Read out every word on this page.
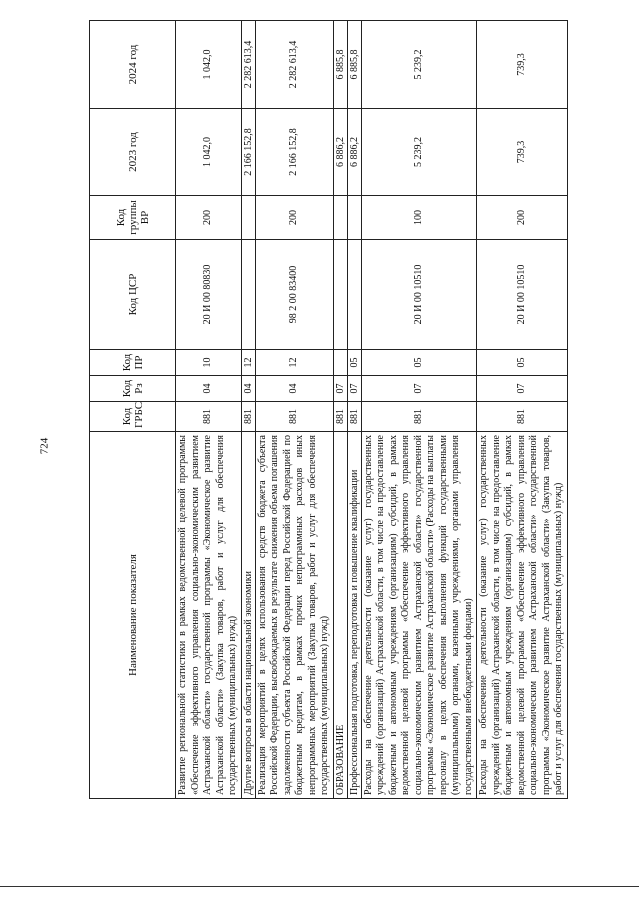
724
Наименование показателя	Код ГРБС	Код Рз	Код ПР	Код ЦСР	Код группы ВР	2023 год	2024 год
Развитие региональной статистики в рамках ведомственной целевой программы «Обеспечение эффективного управления социально-экономическим развитием Астраханской области» государственной программы «Экономическое развитие Астраханской области» (Закупка товаров, работ и услуг для обеспечения государственных (муниципальных) нужд)	881	04	10	20 И 00 80830	200	1 042,0	1 042,0
Другие вопросы в области национальной экономики	881	04	12			2 166 152,8	2 282 613,4
Реализация мероприятий в целях использования средств бюджета субъекта Российской Федерации, высвобождаемых в результате снижения объема погашения задолженности субъекта Российской Федерации перед Российской Федерацией по бюджетным кредитам, в рамках прочих непрограммных расходов иных непрограммных мероприятий (Закупка товаров, работ и услуг для обеспечения государственных (муниципальных) нужд)	881	04	12	98 2 00 83400	200	2 166 152,8	2 282 613,4
ОБРАЗОВАНИЕ	881	07				6 886,2	6 885,8
Профессиональная подготовка, переподготовка и повышение квалификации	881	07	05			6 886,2	6 885,8
Расходы на обеспечение деятельности (оказание услуг) государственных учреждений (организаций) Астраханской области, в том числе на предоставление бюджетным и автономным учреждениям (организациям) субсидий, в рамках ведомственной целевой программы «Обеспечение эффективного управления социально-экономическим развитием Астраханской области» государственной программы «Экономическое развитие Астраханской области» (Расходы на выплаты персоналу в целях обеспечения выполнения функций государственными (муниципальными) органами, казенными учреждениями, органами управления государственными внебюджетными фондами)	881	07	05	20 И 00 10510	100	5 239,2	5 239,2
Расходы на обеспечение деятельности (оказание услуг) государственных учреждений (организаций) Астраханской области, в том числе на предоставление бюджетным и автономным учреждениям (организациям) субсидий, в рамках ведомственной целевой программы «Обеспечение эффективного управления социально-экономическим развитием Астраханской области» государственной программы «Экономическое развитие Астраханской области» (Закупка товаров, работ и услуг для обеспечения государственных (муниципальных) нужд)	881	07	05	20 И 00 10510	200	739,3	739,3
